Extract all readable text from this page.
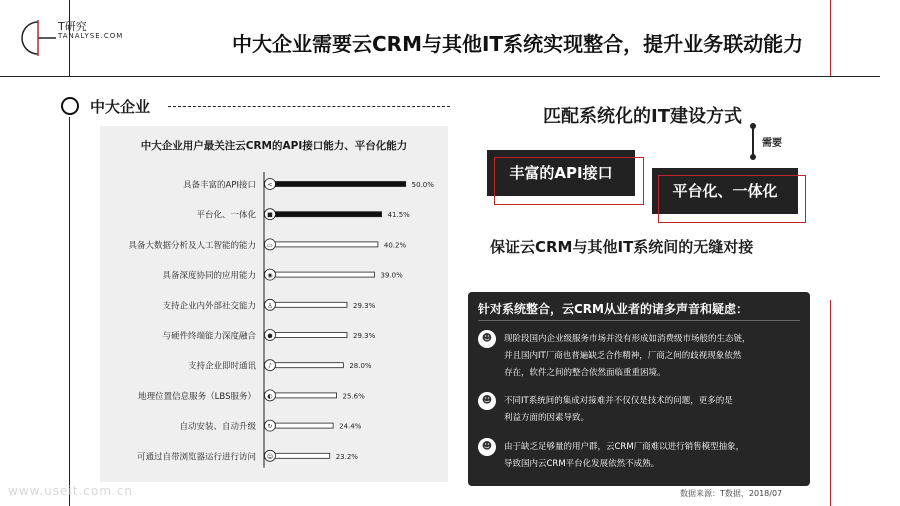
T研究
TANALYSE.COM	中大企业需要云CRM与其他IT系统实现整合，提升业务联动能力
中大企业
中大企业用户最关注云CRM的API接口能力、平台化能力
具备丰富的API接口 <	50.0%
平台化、一体化 ■	41.5%
具备大数据分析及人工智能的能力 ▭	40.2%
具备深度协同的应用能力 ◉	39.0%
支持企业内外部社交能力 ♙	29.3%
与硬件终端能力深度融合 ●	29.3%
支持企业即时通讯 ♪	28.0%
地理位置信息服务（LBS服务） ◐	25.6%
自动安装、自动升级 ↻	24.4%
可通过自带浏览器运行进行访问 ☺	23.2%
匹配系统化的IT建设方式
需要
丰富的API接口
平台化、一体化
保证云CRM与其他IT系统间的无缝对接
针对系统整合，云CRM从业者的诸多声音和疑虑：
☻	现阶段国内企业级服务市场并没有形成如消费级市场般的生态链，
并且国内IT厂商也普遍缺乏合作精神，厂商之间的歧视现象依然
存在，软件之间的整合依然面临重重困境。
☻	不同IT系统间的集成对接难并不仅仅是技术的问题，更多的是
利益方面的因素导致。
☻	由于缺乏足够量的用户群，云CRM厂商难以进行销售模型抽象，
导致国内云CRM平台化发展依然不成熟。
数据来源：T数据，2018/07
www.useit.com.cn
